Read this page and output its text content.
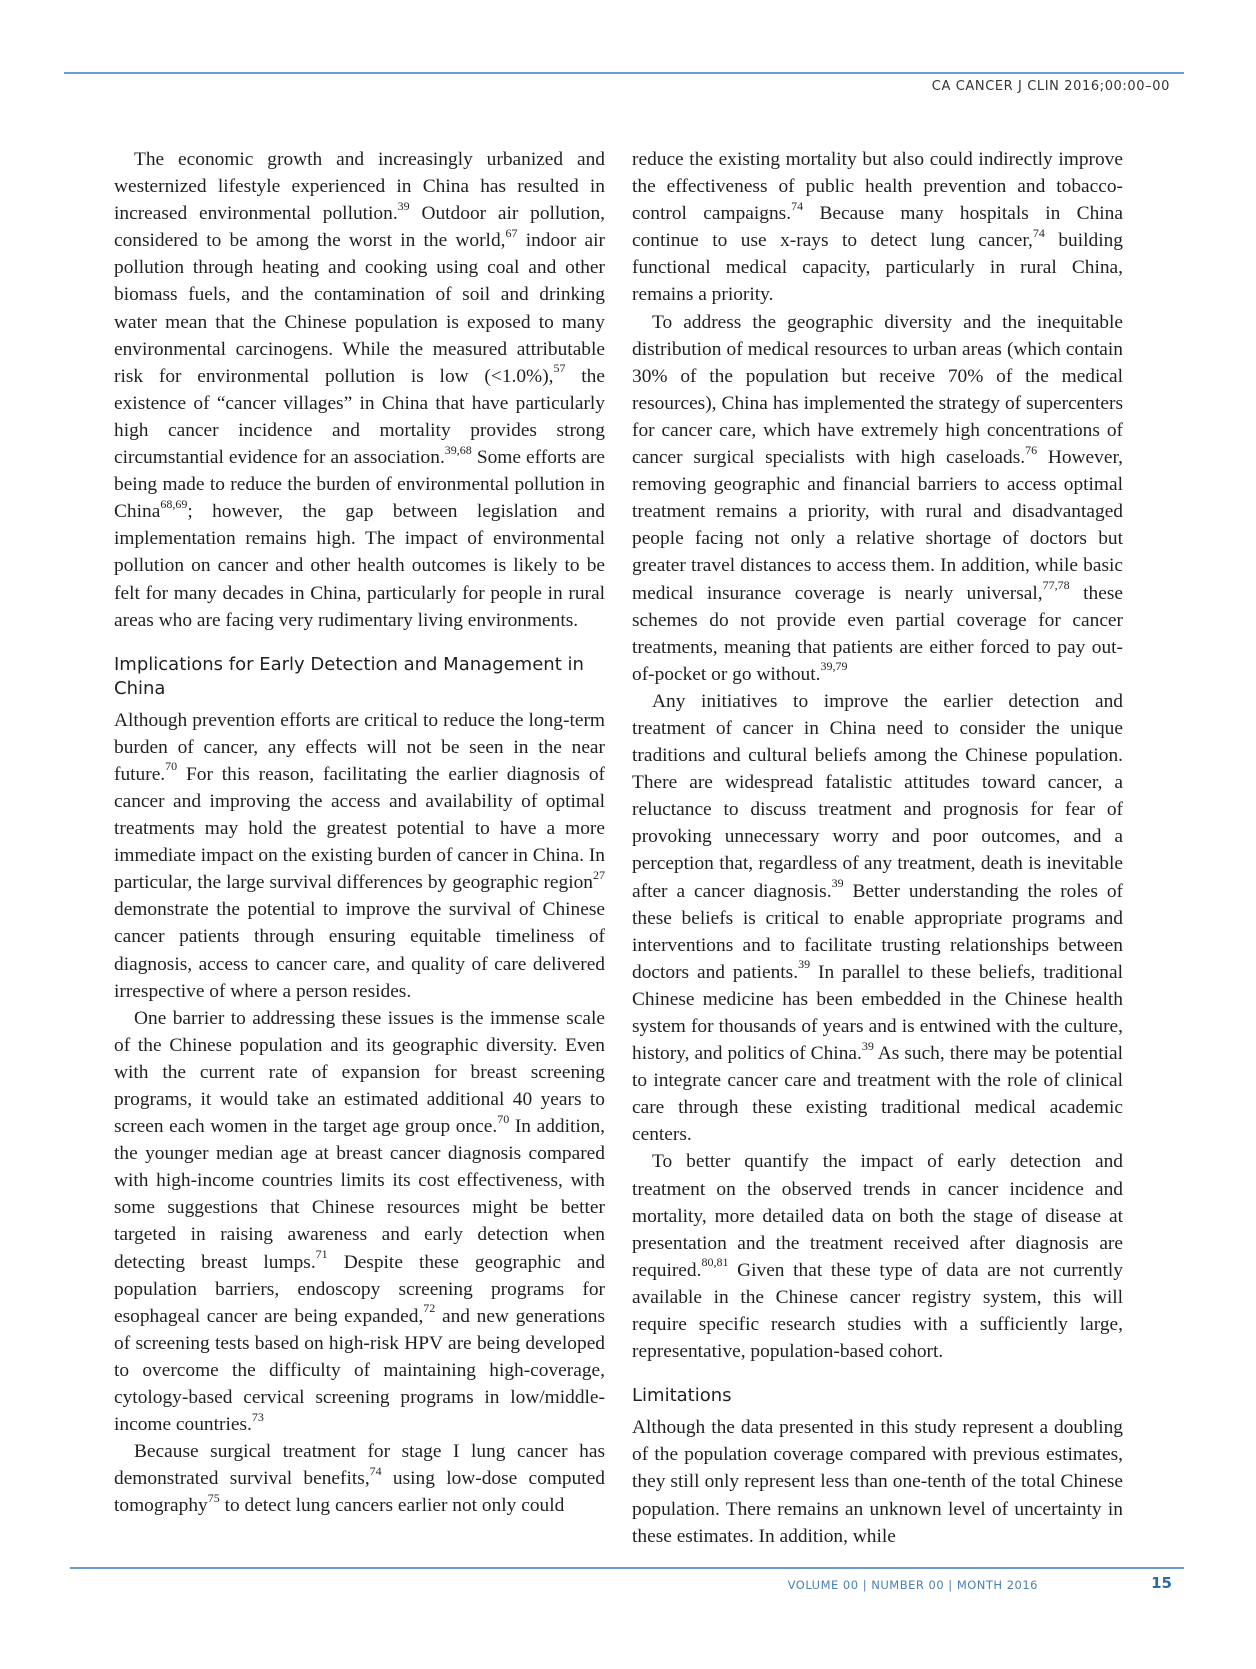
CA CANCER J CLIN 2016;00:00–00

The economic growth and increasingly urbanized and westernized lifestyle experienced in China has resulted in increased environmental pollution.$^{39}$ Outdoor air pollution, considered to be among the worst in the world,$^{67}$ indoor air pollution through heating and cooking using coal and other biomass fuels, and the contamination of soil and drinking water mean that the Chinese population is exposed to many environmental carcinogens. While the measured attributable risk for environmental pollution is low (<1.0%),$^{57}$ the existence of “cancer villages” in China that have particularly high cancer incidence and mortality provides strong circumstantial evidence for an association.$^{39,68}$ Some efforts are being made to reduce the burden of environmental pollution in China$^{68,69}$; however, the gap between legislation and implementation remains high. The impact of environmental pollution on cancer and other health outcomes is likely to be felt for many decades in China, particularly for people in rural areas who are facing very rudimentary living environments.

Implications for Early Detection and Management in China

Although prevention efforts are critical to reduce the long-term burden of cancer, any effects will not be seen in the near future.$^{70}$ For this reason, facilitating the earlier diagnosis of cancer and improving the access and availability of optimal treatments may hold the greatest potential to have a more immediate impact on the existing burden of cancer in China. In particular, the large survival differences by geographic region$^{27}$ demonstrate the potential to improve the survival of Chinese cancer patients through ensuring equitable timeliness of diagnosis, access to cancer care, and quality of care delivered irrespective of where a person resides.

One barrier to addressing these issues is the immense scale of the Chinese population and its geographic diversity. Even with the current rate of expansion for breast screening programs, it would take an estimated additional 40 years to screen each women in the target age group once.$^{70}$ In addition, the younger median age at breast cancer diagnosis compared with high-income countries limits its cost effectiveness, with some suggestions that Chinese resources might be better targeted in raising awareness and early detection when detecting breast lumps.$^{71}$ Despite these geographic and population barriers, endoscopy screening programs for esophageal cancer are being expanded,$^{72}$ and new generations of screening tests based on high-risk HPV are being developed to overcome the difficulty of maintaining high-coverage, cytology-based cervical screening programs in low/middle-income countries.$^{73}$

Because surgical treatment for stage I lung cancer has demonstrated survival benefits,$^{74}$ using low-dose computed tomography$^{75}$ to detect lung cancers earlier not only could

reduce the existing mortality but also could indirectly improve the effectiveness of public health prevention and tobacco-control campaigns.$^{74}$ Because many hospitals in China continue to use x-rays to detect lung cancer,$^{74}$ building functional medical capacity, particularly in rural China, remains a priority.

To address the geographic diversity and the inequitable distribution of medical resources to urban areas (which contain 30% of the population but receive 70% of the medical resources), China has implemented the strategy of supercenters for cancer care, which have extremely high concentrations of cancer surgical specialists with high caseloads.$^{76}$ However, removing geographic and financial barriers to access optimal treatment remains a priority, with rural and disadvantaged people facing not only a relative shortage of doctors but greater travel distances to access them. In addition, while basic medical insurance coverage is nearly universal,$^{77,78}$ these schemes do not provide even partial coverage for cancer treatments, meaning that patients are either forced to pay out-of-pocket or go without.$^{39,79}$

Any initiatives to improve the earlier detection and treatment of cancer in China need to consider the unique traditions and cultural beliefs among the Chinese population. There are widespread fatalistic attitudes toward cancer, a reluctance to discuss treatment and prognosis for fear of provoking unnecessary worry and poor outcomes, and a perception that, regardless of any treatment, death is inevitable after a cancer diagnosis.$^{39}$ Better understanding the roles of these beliefs is critical to enable appropriate programs and interventions and to facilitate trusting relationships between doctors and patients.$^{39}$ In parallel to these beliefs, traditional Chinese medicine has been embedded in the Chinese health system for thousands of years and is entwined with the culture, history, and politics of China.$^{39}$ As such, there may be potential to integrate cancer care and treatment with the role of clinical care through these existing traditional medical academic centers.

To better quantify the impact of early detection and treatment on the observed trends in cancer incidence and mortality, more detailed data on both the stage of disease at presentation and the treatment received after diagnosis are required.$^{80,81}$ Given that these type of data are not currently available in the Chinese cancer registry system, this will require specific research studies with a sufficiently large, representative, population-based cohort.

Limitations

Although the data presented in this study represent a doubling of the population coverage compared with previous estimates, they still only represent less than one-tenth of the total Chinese population. There remains an unknown level of uncertainty in these estimates. In addition, while

VOLUME 00 | NUMBER 00 | MONTH 2016	15
